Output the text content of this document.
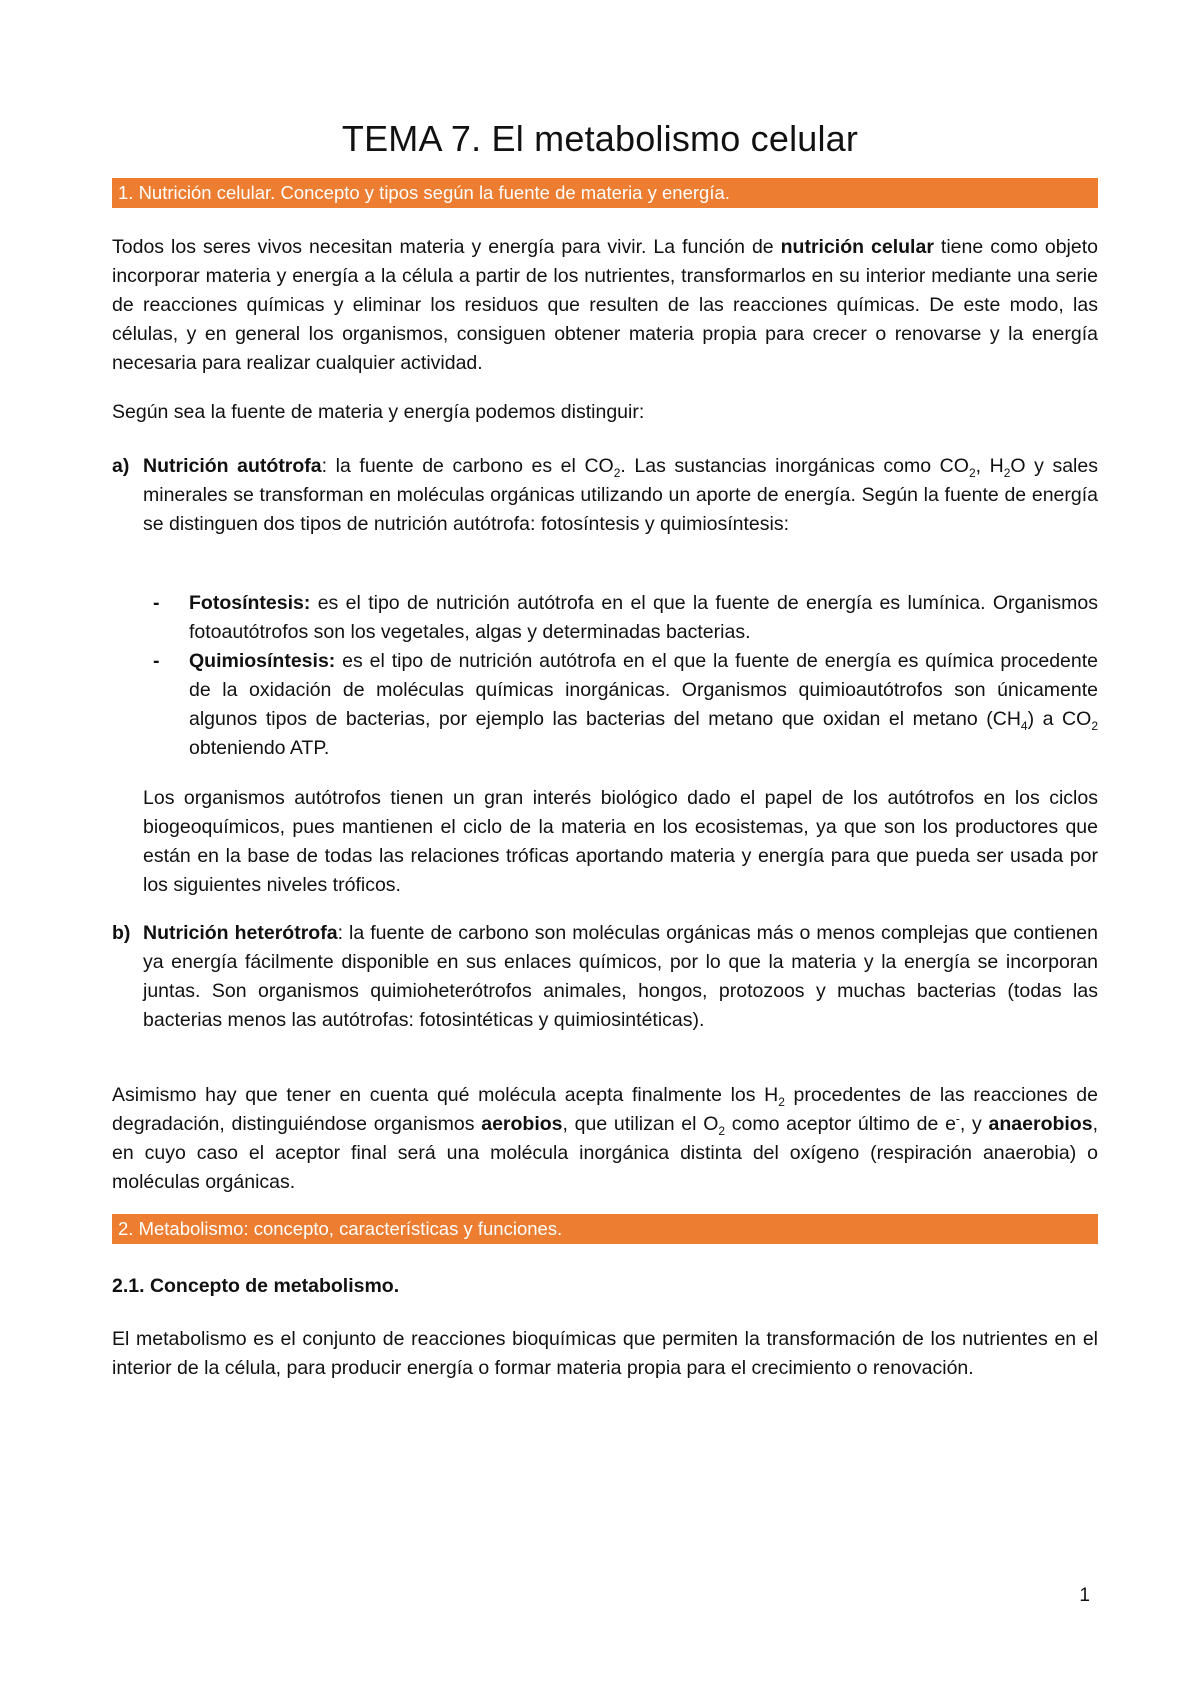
TEMA 7. El metabolismo celular
1. Nutrición celular. Concepto y tipos según la fuente de materia y energía.

Todos los seres vivos necesitan materia y energía para vivir. La función de nutrición celular tiene como objeto incorporar materia y energía a la célula a partir de los nutrientes, transformarlos en su interior mediante una serie de reacciones químicas y eliminar los residuos que resulten de las reacciones químicas. De este modo, las células, y en general los organismos, consiguen obtener materia propia para crecer o renovarse y la energía necesaria para realizar cualquier actividad.

Según sea la fuente de materia y energía podemos distinguir:

a) Nutrición autótrofa: la fuente de carbono es el $CO_2$. Las sustancias inorgánicas como $CO_2$, $H_2O$ y sales minerales se transforman en moléculas orgánicas utilizando un aporte de energía. Según la fuente de energía se distinguen dos tipos de nutrición autótrofa: fotosíntesis y quimiosíntesis:

- Fotosíntesis: es el tipo de nutrición autótrofa en el que la fuente de energía es lumínica. Organismos fotoautótrofos son los vegetales, algas y determinadas bacterias.

- Quimiosíntesis: es el tipo de nutrición autótrofa en el que la fuente de energía es química procedente de la oxidación de moléculas químicas inorgánicas. Organismos quimioautótrofos son únicamente algunos tipos de bacterias, por ejemplo las bacterias del metano que oxidan el metano $(CH_4)$ a $CO_2$ obteniendo ATP.

Los organismos autótrofos tienen un gran interés biológico dado el papel de los autótrofos en los ciclos biogeoquímicos, pues mantienen el ciclo de la materia en los ecosistemas, ya que son los productores que están en la base de todas las relaciones tróficas aportando materia y energía para que pueda ser usada por los siguientes niveles tróficos.

b) Nutrición heterótrofa: la fuente de carbono son moléculas orgánicas más o menos complejas que contienen ya energía fácilmente disponible en sus enlaces químicos, por lo que la materia y la energía se incorporan juntas. Son organismos quimioheterótrofos animales, hongos, protozoos y muchas bacterias (todas las bacterias menos las autótrofas: fotosintéticas y quimiosintéticas).

Asimismo hay que tener en cuenta qué molécula acepta finalmente los $H_2$ procedentes de las reacciones de degradación, distinguiéndose organismos aerobios, que utilizan el $O_2$ como aceptor último de e-, y anaerobios, en cuyo caso el aceptor final será una molécula inorgánica distinta del oxígeno (respiración anaerobia) o moléculas orgánicas.

2. Metabolismo: concepto, características y funciones.

2.1. Concepto de metabolismo.

El metabolismo es el conjunto de reacciones bioquímicas que permiten la transformación de los nutrientes en el interior de la célula, para producir energía o formar materia propia para el crecimiento o renovación.

1
